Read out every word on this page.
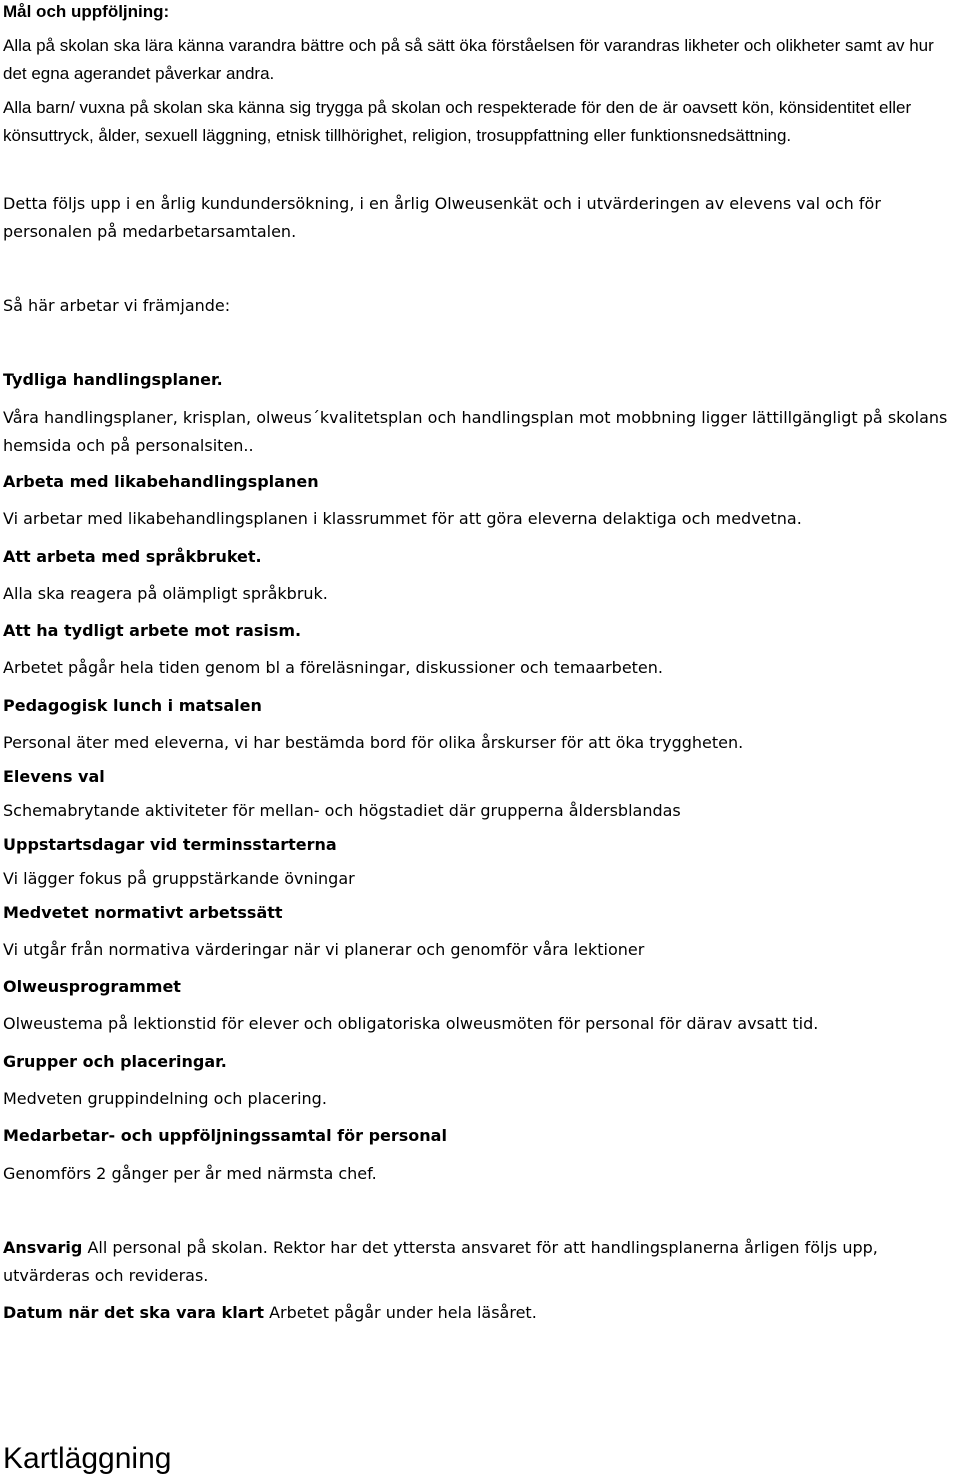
Mål och uppföljning:

Alla på skolan ska lära känna varandra bättre och på så sätt öka förståelsen för varandras likheter och olikheter samt av hur det egna agerandet påverkar andra.

Alla barn/ vuxna på skolan ska känna sig trygga på skolan och respekterade för den de är oavsett kön, könsidentitet eller könsuttryck, ålder, sexuell läggning, etnisk tillhörighet, religion, trosuppfattning eller funktionsnedsättning.

Detta följs upp i en årlig kundundersökning, i en årlig Olweusenkät och i utvärderingen av elevens val och för personalen på medarbetarsamtalen.

Så här arbetar vi främjande:

Tydliga handlingsplaner.

Våra handlingsplaner, krisplan, olweus´kvalitetsplan och handlingsplan mot mobbning ligger lättillgängligt på skolans hemsida och på personalsiten..

Arbeta med likabehandlingsplanen

Vi arbetar med likabehandlingsplanen i klassrummet för att göra eleverna delaktiga och medvetna.

Att arbeta med språkbruket.

Alla ska reagera på olämpligt språkbruk.

Att ha tydligt arbete mot rasism.

Arbetet pågår hela tiden genom bl a föreläsningar, diskussioner och temaarbeten.

Pedagogisk lunch i matsalen

Personal äter med eleverna, vi har bestämda bord för olika årskurser för att öka tryggheten.

Elevens val

Schemabrytande aktiviteter för mellan- och högstadiet där grupperna åldersblandas

Uppstartsdagar vid terminsstarterna

Vi lägger fokus på gruppstärkande övningar

Medvetet normativt arbetssätt

Vi utgår från normativa värderingar när vi planerar och genomför våra lektioner

Olweusprogrammet

Olweustema på lektionstid för elever och obligatoriska olweusmöten för personal för därav avsatt tid.

Grupper och placeringar.

Medveten gruppindelning och placering.

Medarbetar- och uppföljningssamtal för personal

Genomförs 2 gånger per år med närmsta chef.

Ansvarig All personal på skolan. Rektor har det yttersta ansvaret för att handlingsplanerna årligen följs upp, utvärderas och revideras.

Datum när det ska vara klart Arbetet pågår under hela läsåret.

Kartläggning
